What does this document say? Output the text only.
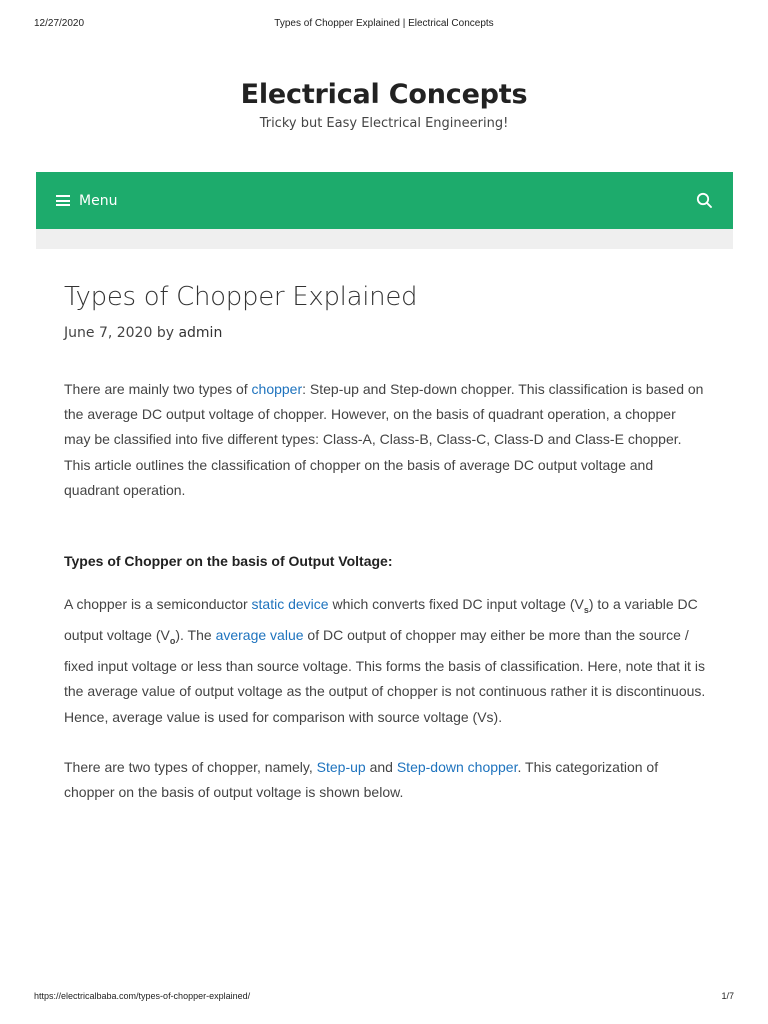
12/27/2020	Types of Chopper Explained | Electrical Concepts
Electrical Concepts
Tricky but Easy Electrical Engineering!
Menu
Types of Chopper Explained
June 7, 2020 by admin

There are mainly two types of chopper: Step-up and Step-down chopper. This classification is based on the average DC output voltage of chopper. However, on the basis of quadrant operation, a chopper may be classified into five different types: Class-A, Class-B, Class-C, Class-D and Class-E chopper. This article outlines the classification of chopper on the basis of average DC output voltage and quadrant operation.

Types of Chopper on the basis of Output Voltage:

A chopper is a semiconductor static device which converts fixed DC input voltage $(V_s)$ to a variable DC output voltage $(V_o)$. The average value of DC output of chopper may either be more than the source / fixed input voltage or less than source voltage. This forms the basis of classification. Here, note that it is the average value of output voltage as the output of chopper is not continuous rather it is discontinuous. Hence, average value is used for comparison with source voltage (Vs).

There are two types of chopper, namely, Step-up and Step-down chopper. This categorization of chopper on the basis of output voltage is shown below.

https://electricalbaba.com/types-of-chopper-explained/	1/7
